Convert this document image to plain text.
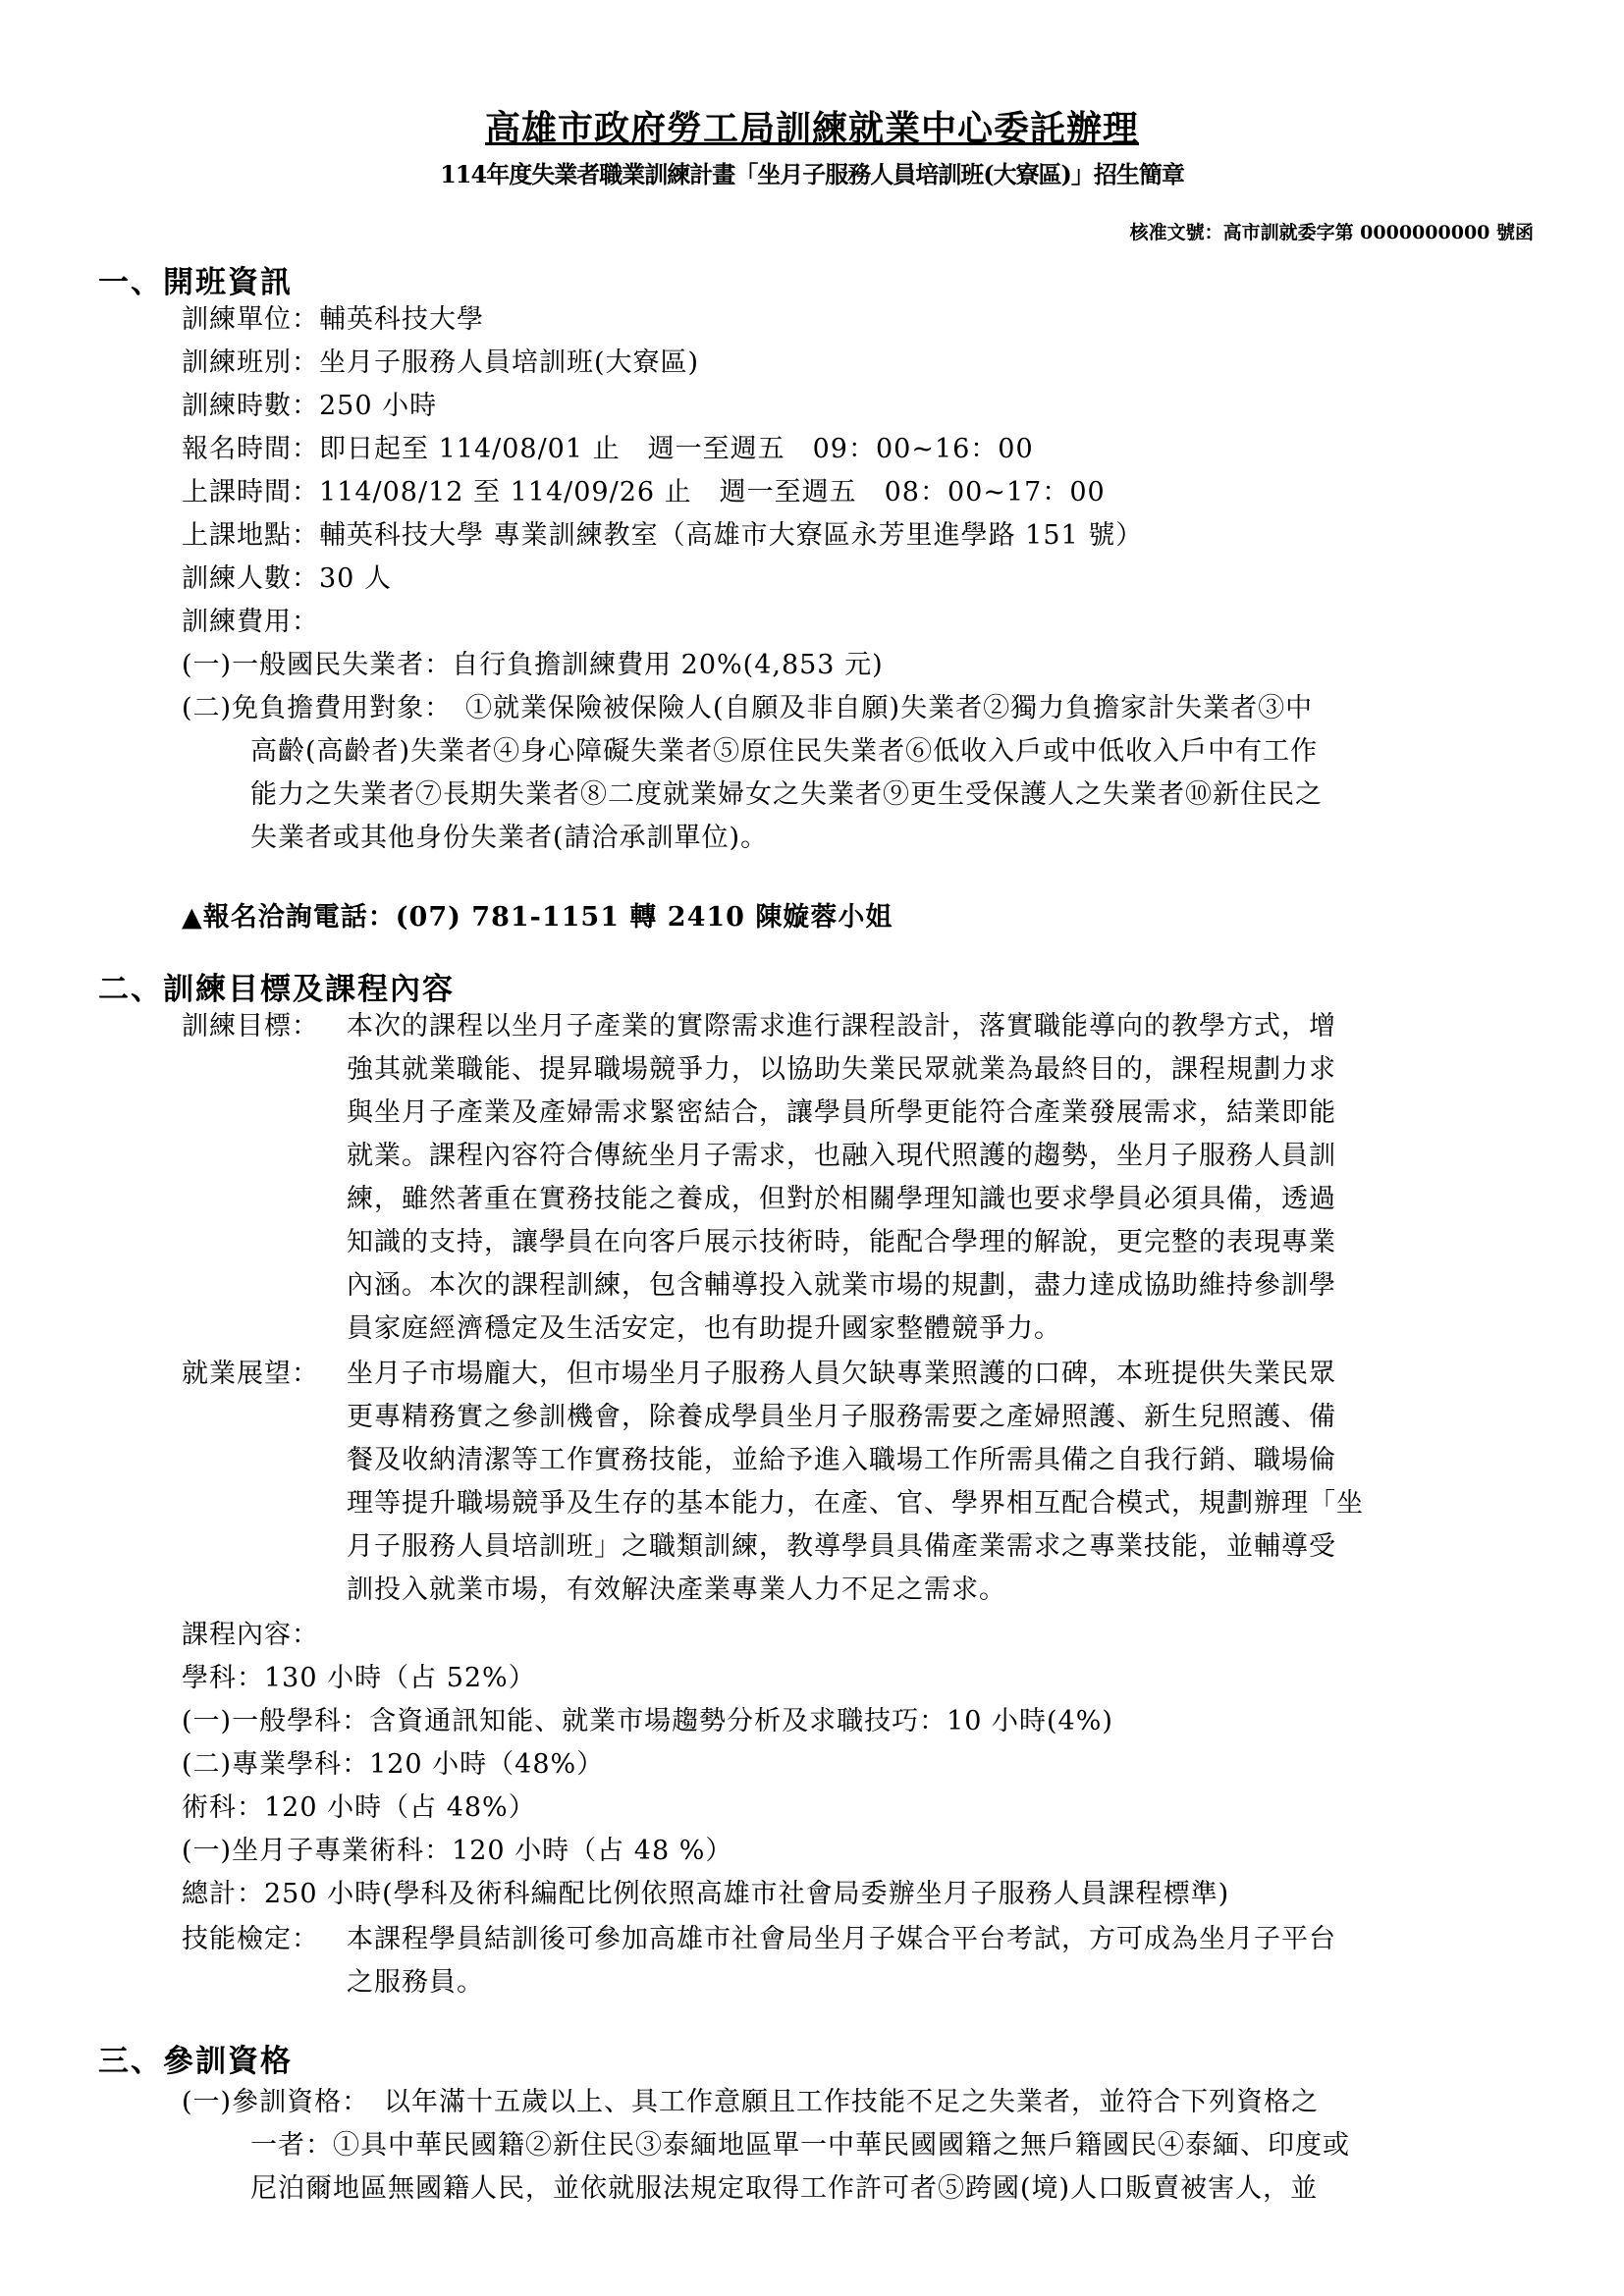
高雄市政府勞工局訓練就業中心委託辦理
114年度失業者職業訓練計畫「坐月子服務人員培訓班(大寮區)」招生簡章
核准文號：高市訓就委字第 0000000000 號函
一、開班資訊
訓練單位：輔英科技大學
訓練班別：坐月子服務人員培訓班(大寮區)
訓練時數：250 小時
報名時間：即日起至 114/08/01 止　週一至週五　09：00~16：00
上課時間：114/08/12 至 114/09/26 止　週一至週五　08：00~17：00
上課地點：輔英科技大學 專業訓練教室（高雄市大寮區永芳里進學路 151 號）
訓練人數：30 人
訓練費用：
(一)一般國民失業者：自行負擔訓練費用 20%(4,853 元)
(二)免負擔費用對象： ①就業保險被保險人(自願及非自願)失業者②獨力負擔家計失業者③中
高齡(高齡者)失業者④身心障礙失業者⑤原住民失業者⑥低收入戶或中低收入戶中有工作
能力之失業者⑦長期失業者⑧二度就業婦女之失業者⑨更生受保護人之失業者⑩新住民之
失業者或其他身份失業者(請洽承訓單位)。
▲報名洽詢電話：(07) 781-1151 轉 2410 陳嫙蓉小姐
二、訓練目標及課程內容
訓練目標： 本次的課程以坐月子產業的實際需求進行課程設計，落實職能導向的教學方式，增
強其就業職能、提昇職場競爭力，以協助失業民眾就業為最終目的，課程規劃力求
與坐月子產業及產婦需求緊密結合，讓學員所學更能符合產業發展需求，結業即能
就業。課程內容符合傳統坐月子需求，也融入現代照護的趨勢，坐月子服務人員訓
練，雖然著重在實務技能之養成，但對於相關學理知識也要求學員必須具備，透過
知識的支持，讓學員在向客戶展示技術時，能配合學理的解說，更完整的表現專業
內涵。本次的課程訓練，包含輔導投入就業市場的規劃，盡力達成協助維持參訓學
員家庭經濟穩定及生活安定，也有助提升國家整體競爭力。
就業展望： 坐月子市場龐大，但市場坐月子服務人員欠缺專業照護的口碑，本班提供失業民眾
更專精務實之參訓機會，除養成學員坐月子服務需要之產婦照護、新生兒照護、備
餐及收納清潔等工作實務技能，並給予進入職場工作所需具備之自我行銷、職場倫
理等提升職場競爭及生存的基本能力，在產、官、學界相互配合模式，規劃辦理「坐
月子服務人員培訓班」之職類訓練，教導學員具備產業需求之專業技能，並輔導受
訓投入就業市場，有效解決產業專業人力不足之需求。
課程內容：
學科：130 小時（占 52%）
(一)一般學科：含資通訊知能、就業市場趨勢分析及求職技巧：10 小時(4%)
(二)專業學科：120 小時（48%）
術科：120 小時（占 48%）
(一)坐月子專業術科：120 小時（占 48 %）
總計：250 小時(學科及術科編配比例依照高雄市社會局委辦坐月子服務人員課程標準)
技能檢定： 本課程學員結訓後可參加高雄市社會局坐月子媒合平台考試，方可成為坐月子平台
之服務員。
三、參訓資格
(一)參訓資格： 以年滿十五歲以上、具工作意願且工作技能不足之失業者，並符合下列資格之
一者：①具中華民國籍②新住民③泰緬地區單一中華民國國籍之無戶籍國民④泰緬、印度或
尼泊爾地區無國籍人民，並依就服法規定取得工作許可者⑤跨國(境)人口販賣被害人，並
